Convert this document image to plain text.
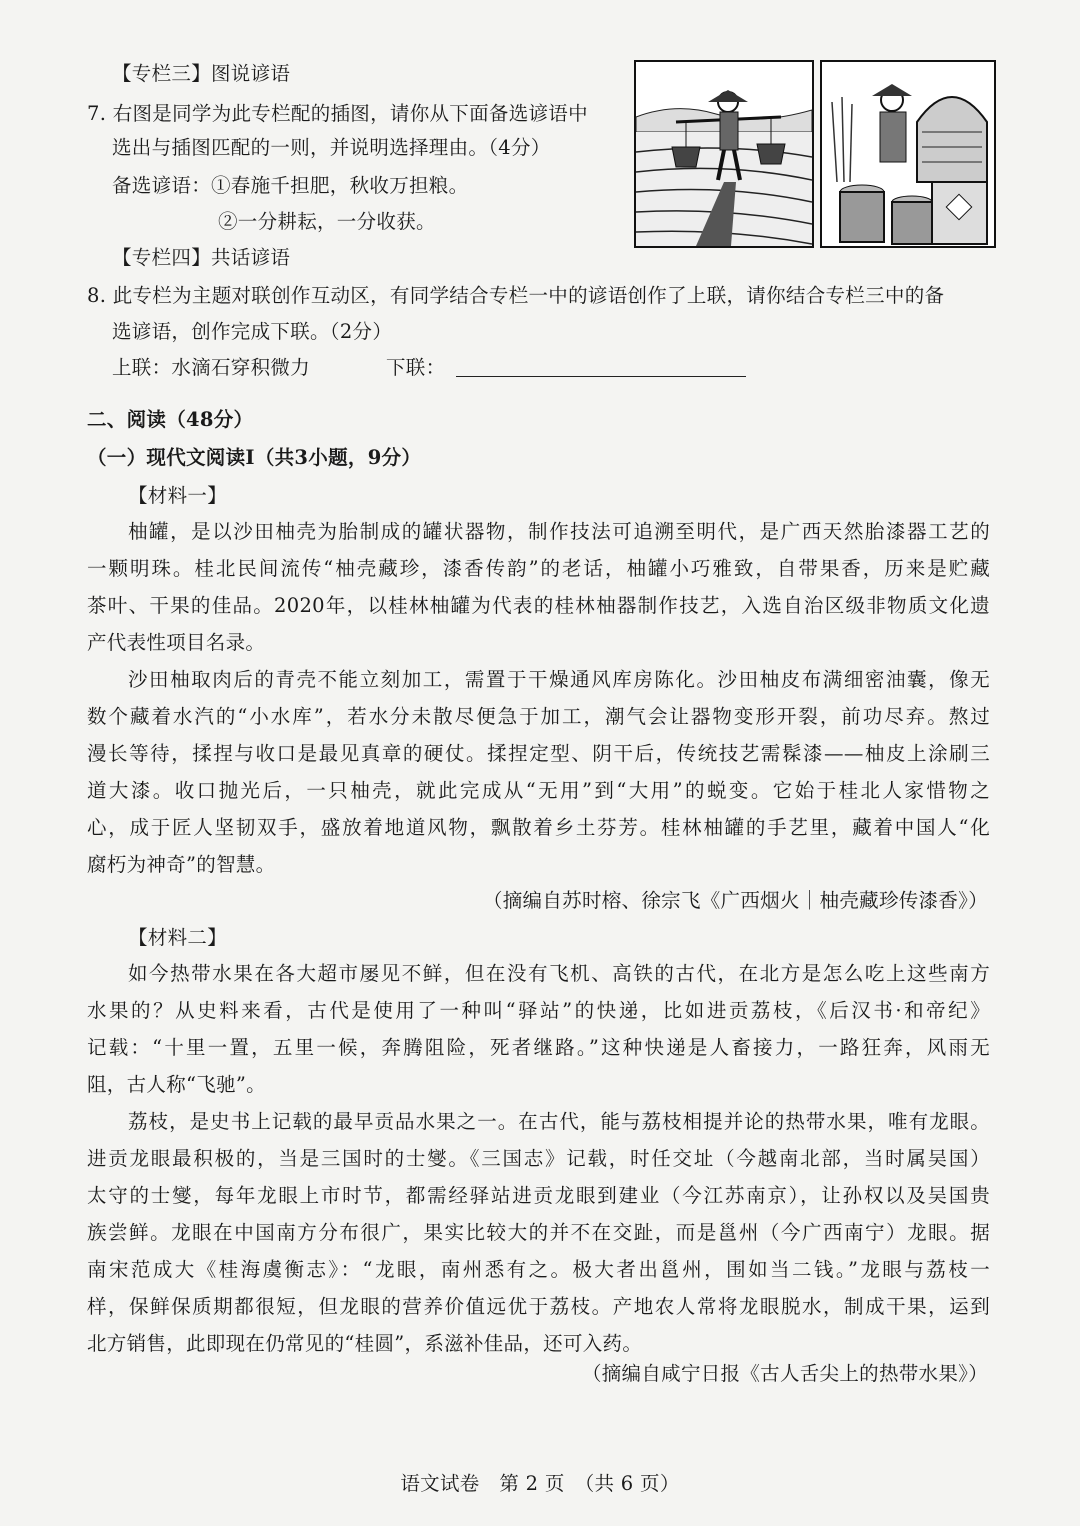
【专栏三】图说谚语
7. 右图是同学为此专栏配的插图，请你从下面备选谚语中
选出与插图匹配的一则，并说明选择理由。（4分）
备选谚语：①春施千担肥，秋收万担粮。
②一分耕耘，一分收获。
【专栏四】共话谚语
8. 此专栏为主题对联创作互动区，有同学结合专栏一中的谚语创作了上联，请你结合专栏三中的备
选谚语，创作完成下联。（2分）
上联：水滴石穿积微力	下联：
二、阅读（48分）
（一）现代文阅读Ⅰ（共3小题，9分）
【材料一】
柚罐，是以沙田柚壳为胎制成的罐状器物，制作技法可追溯至明代，是广西天然胎漆器工艺的
一颗明珠。桂北民间流传“柚壳藏珍，漆香传韵”的老话，柚罐小巧雅致，自带果香，历来是贮藏
茶叶、干果的佳品。2020年，以桂林柚罐为代表的桂林柚器制作技艺，入选自治区级非物质文化遗
产代表性项目名录。
沙田柚取肉后的青壳不能立刻加工，需置于干燥通风库房陈化。沙田柚皮布满细密油囊，像无
数个藏着水汽的“小水库”，若水分未散尽便急于加工，潮气会让器物变形开裂，前功尽弃。熬过
漫长等待，揉捏与收口是最见真章的硬仗。揉捏定型、阴干后，传统技艺需髹漆——柚皮上涂刷三
道大漆。收口抛光后，一只柚壳，就此完成从“无用”到“大用”的蜕变。它始于桂北人家惜物之
心，成于匠人坚韧双手，盛放着地道风物，飘散着乡土芬芳。桂林柚罐的手艺里，藏着中国人“化
腐朽为神奇”的智慧。
（摘编自苏时榕、徐宗飞《广西烟火｜柚壳藏珍传漆香》）
【材料二】
如今热带水果在各大超市屡见不鲜，但在没有飞机、高铁的古代，在北方是怎么吃上这些南方
水果的？从史料来看，古代是使用了一种叫“驿站”的快递，比如进贡荔枝，《后汉书·和帝纪》
记载：“十里一置，五里一候，奔腾阻险，死者继路。”这种快递是人畜接力，一路狂奔，风雨无
阻，古人称“飞驰”。
荔枝，是史书上记载的最早贡品水果之一。在古代，能与荔枝相提并论的热带水果，唯有龙眼。
进贡龙眼最积极的，当是三国时的士燮。《三国志》记载，时任交址（今越南北部，当时属吴国）
太守的士燮，每年龙眼上市时节，都需经驿站进贡龙眼到建业（今江苏南京），让孙权以及吴国贵
族尝鲜。龙眼在中国南方分布很广，果实比较大的并不在交趾，而是邕州（今广西南宁）龙眼。据
南宋范成大《桂海虞衡志》：“龙眼，南州悉有之。极大者出邕州，围如当二钱。”龙眼与荔枝一
样，保鲜保质期都很短，但龙眼的营养价值远优于荔枝。产地农人常将龙眼脱水，制成干果，运到
北方销售，此即现在仍常见的“桂圆”，系滋补佳品，还可入药。
（摘编自咸宁日报《古人舌尖上的热带水果》）
语文试卷　第 2 页　（共 6 页）
